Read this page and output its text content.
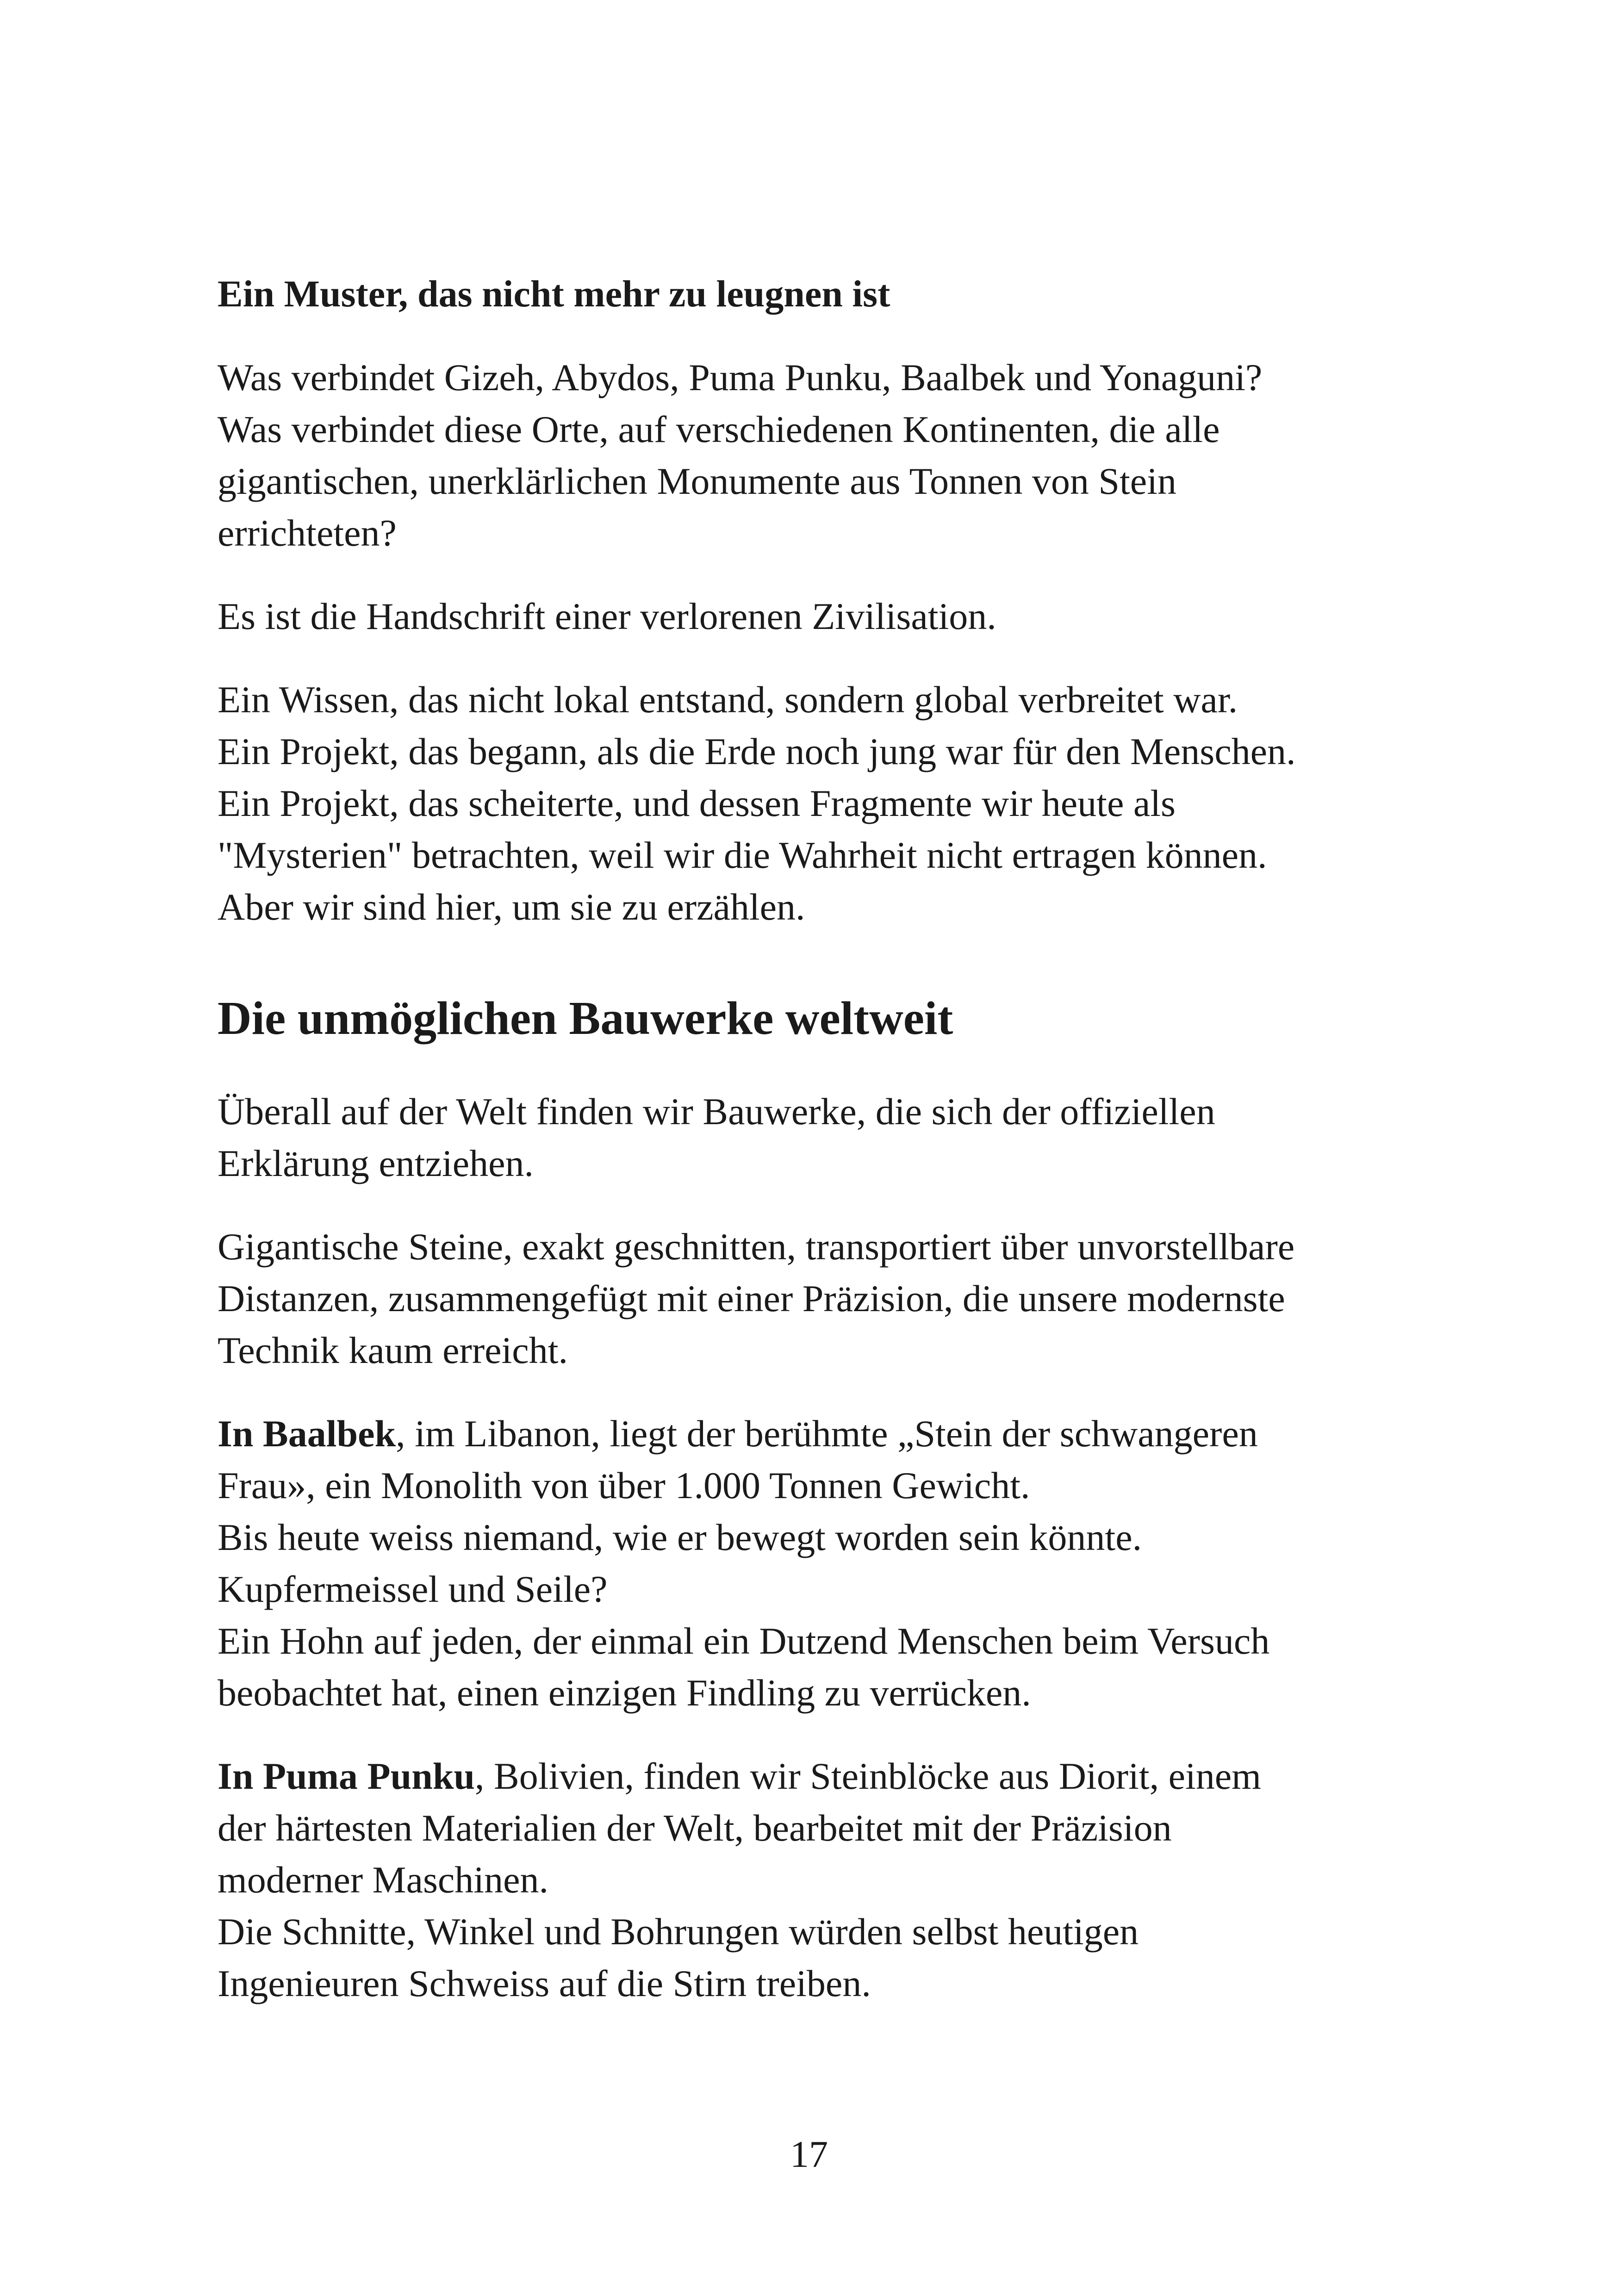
Ein Muster, das nicht mehr zu leugnen ist

Was verbindet Gizeh, Abydos, Puma Punku, Baalbek und Yonaguni?
Was verbindet diese Orte, auf verschiedenen Kontinenten, die alle
gigantischen, unerklärlichen Monumente aus Tonnen von Stein
errichteten?

Es ist die Handschrift einer verlorenen Zivilisation.

Ein Wissen, das nicht lokal entstand, sondern global verbreitet war.
Ein Projekt, das begann, als die Erde noch jung war für den Menschen.
Ein Projekt, das scheiterte, und dessen Fragmente wir heute als
"Mysterien" betrachten, weil wir die Wahrheit nicht ertragen können.
Aber wir sind hier, um sie zu erzählen.

Die unmöglichen Bauwerke weltweit

Überall auf der Welt finden wir Bauwerke, die sich der offiziellen
Erklärung entziehen.

Gigantische Steine, exakt geschnitten, transportiert über unvorstellbare
Distanzen, zusammengefügt mit einer Präzision, die unsere modernste
Technik kaum erreicht.

In Baalbek, im Libanon, liegt der berühmte „Stein der schwangeren
Frau», ein Monolith von über 1.000 Tonnen Gewicht.
Bis heute weiss niemand, wie er bewegt worden sein könnte.
Kupfermeissel und Seile?
Ein Hohn auf jeden, der einmal ein Dutzend Menschen beim Versuch
beobachtet hat, einen einzigen Findling zu verrücken.

In Puma Punku, Bolivien, finden wir Steinblöcke aus Diorit, einem
der härtesten Materialien der Welt, bearbeitet mit der Präzision
moderner Maschinen.
Die Schnitte, Winkel und Bohrungen würden selbst heutigen
Ingenieuren Schweiss auf die Stirn treiben.

17
